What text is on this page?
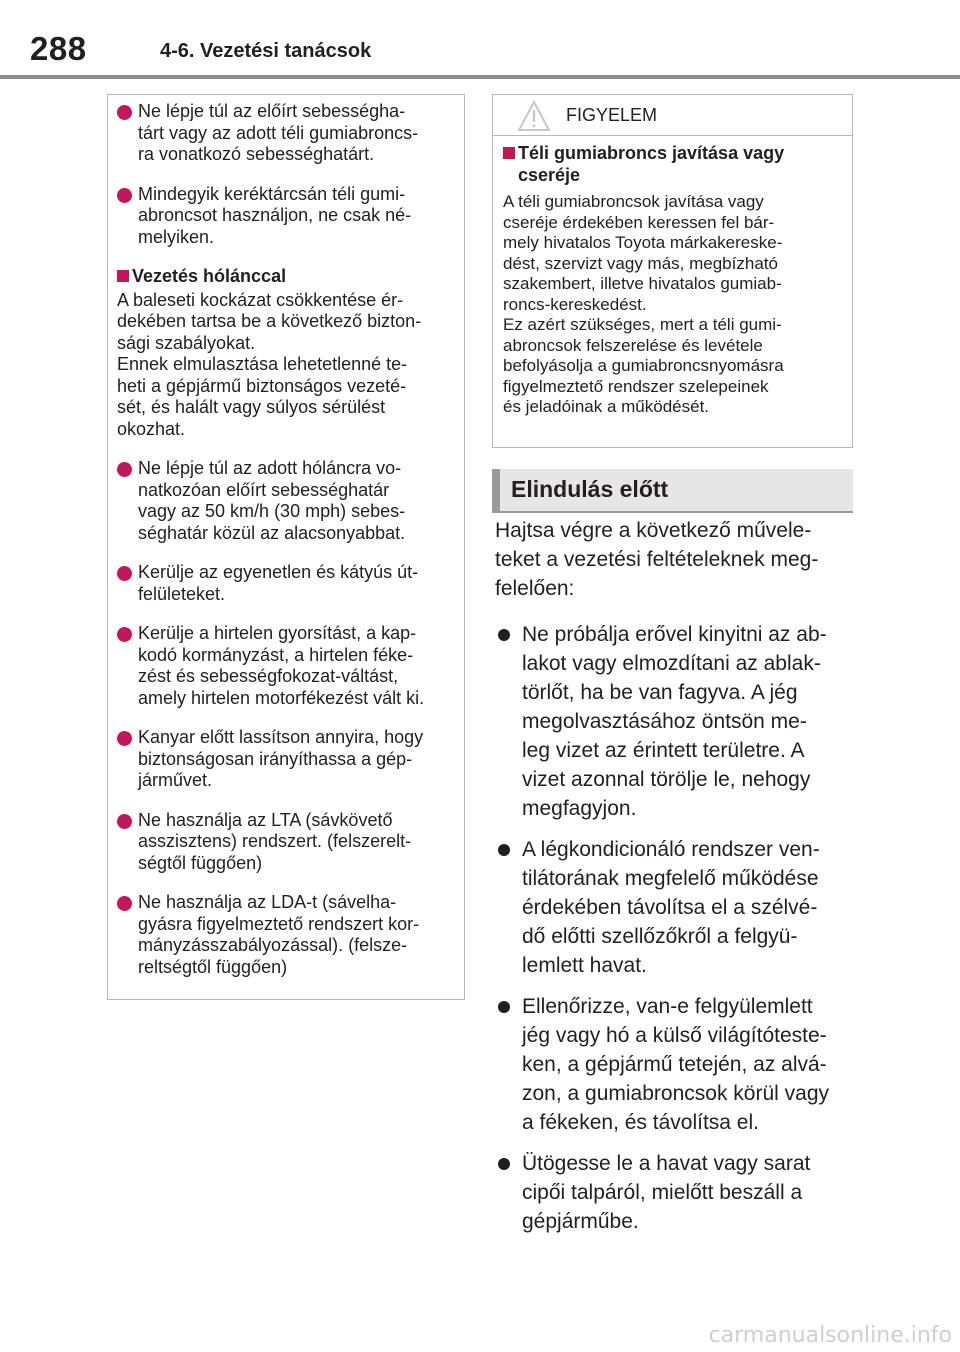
288	4-6. Vezetési tanácsok
Ne lépje túl az előírt sebességha-
tárt vagy az adott téli gumiabroncs-
ra vonatkozó sebességhatárt.
Mindegyik keréktárcsán téli gumi-
abroncsot használjon, ne csak né-
melyiken.
Vezetés hólánccal
A baleseti kockázat csökkentése ér-
dekében tartsa be a következő bizton-
sági szabályokat.
Ennek elmulasztása lehetetlenné te-
heti a gépjármű biztonságos vezeté-
sét, és halált vagy súlyos sérülést
okozhat.
Ne lépje túl az adott hóláncra vo-
natkozóan előírt sebességhatár
vagy az 50 km/h (30 mph) sebes-
séghatár közül az alacsonyabbat.
Kerülje az egyenetlen és kátyús út-
felületeket.
Kerülje a hirtelen gyorsítást, a kap-
kodó kormányzást, a hirtelen féke-
zést és sebességfokozat-váltást,
amely hirtelen motorfékezést vált ki.
Kanyar előtt lassítson annyira, hogy
biztonságosan irányíthassa a gép-
járművet.
Ne használja az LTA (sávkövető
asszisztens) rendszert. (felszerelt-
ségtől függően)
Ne használja az LDA-t (sávelha-
gyásra figyelmeztető rendszert kor-
mányzásszabályozással). (felsze-
reltségtől függően)
FIGYELEM
Téli gumiabroncs javítása vagy
cseréje
A téli gumiabroncsok javítása vagy
cseréje érdekében keressen fel bár-
mely hivatalos Toyota márkakereske-
dést, szervizt vagy más, megbízható
szakembert, illetve hivatalos gumiab-
roncs-kereskedést.
Ez azért szükséges, mert a téli gumi-
abroncsok felszerelése és levétele
befolyásolja a gumiabroncsnyomásra
figyelmeztető rendszer szelepeinek
és jeladóinak a működését.
Elindulás előtt
Hajtsa végre a következő művele-
teket a vezetési feltételeknek meg-
felelően:
Ne próbálja erővel kinyitni az ab-
lakot vagy elmozdítani az ablak-
törlőt, ha be van fagyva. A jég
megolvasztásához öntsön me-
leg vizet az érintett területre. A
vizet azonnal törölje le, nehogy
megfagyjon.
A légkondicionáló rendszer ven-
tilátorának megfelelő működése
érdekében távolítsa el a szélvé-
dő előtti szellőzőkről a felgyü-
lemlett havat.
Ellenőrizze, van-e felgyülemlett
jég vagy hó a külső világítóteste-
ken, a gépjármű tetején, az alvá-
zon, a gumiabroncsok körül vagy
a fékeken, és távolítsa el.
Ütögesse le a havat vagy sarat
cipői talpáról, mielőtt beszáll a
gépjárműbe.
carmanualsonline.info
